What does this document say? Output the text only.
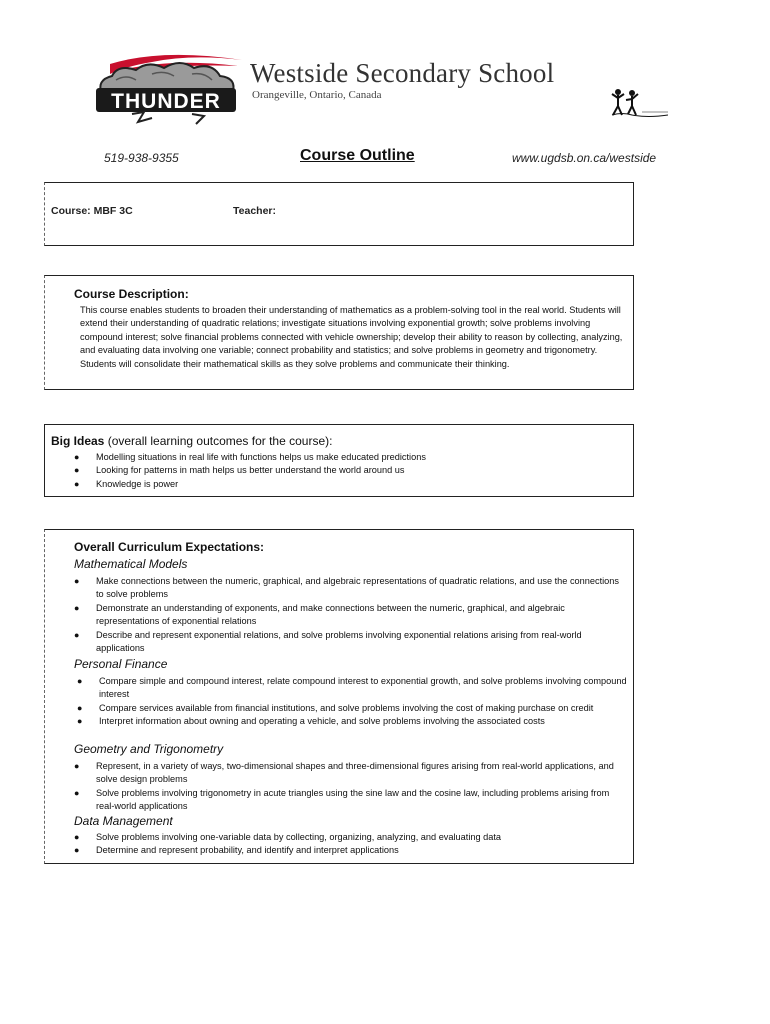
THUNDER
Westside Secondary School
Orangeville, Ontario, Canada
519-938-9355	Course Outline	www.ugdsb.on.ca/westside
Course: MBF 3C	Teacher:
Course Description:
This course enables students to broaden their understanding of mathematics as a problem-solving tool in the real world. Students will extend their understanding of quadratic relations; investigate situations involving exponential growth; solve problems involving compound interest; solve financial problems connected with vehicle ownership; develop their ability to reason by collecting, analyzing, and evaluating data involving one variable; connect probability and statistics; and solve problems in geometry and trigonometry. Students will consolidate their mathematical skills as they solve problems and communicate their thinking.
Big Ideas (overall learning outcomes for the course):
● Modelling situations in real life with functions helps us make educated predictions
● Looking for patterns in math helps us better understand the world around us
● Knowledge is power
Overall Curriculum Expectations:
Mathematical Models
● Make connections between the numeric, graphical, and algebraic representations of quadratic relations, and use the connections to solve problems
● Demonstrate an understanding of exponents, and make connections between the numeric, graphical, and algebraic representations of exponential relations
● Describe and represent exponential relations, and solve problems involving exponential relations arising from real-world applications
Personal Finance
● Compare simple and compound interest, relate compound interest to exponential growth, and solve problems involving compound interest
● Compare services available from financial institutions, and solve problems involving the cost of making purchase on credit
● Interpret information about owning and operating a vehicle, and solve problems involving the associated costs
Geometry and Trigonometry
● Represent, in a variety of ways, two-dimensional shapes and three-dimensional figures arising from real-world applications, and solve design problems
● Solve problems involving trigonometry in acute triangles using the sine law and the cosine law, including problems arising from real-world applications
Data Management
● Solve problems involving one-variable data by collecting, organizing, analyzing, and evaluating data
● Determine and represent probability, and identify and interpret applications
